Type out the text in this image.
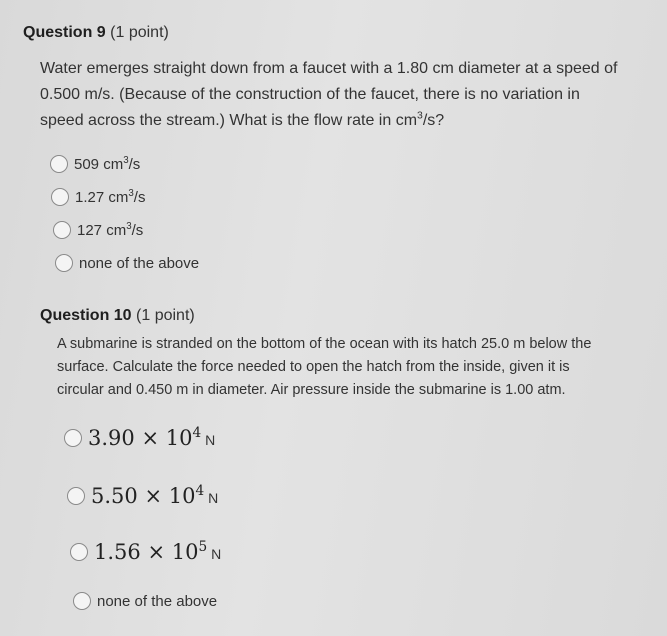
Question 9 (1 point)
Water emerges straight down from a faucet with a 1.80 cm diameter at a speed of
0.500 m/s. (Because of the construction of the faucet, there is no variation in
speed across the stream.) What is the flow rate in $cm^3/s$?
509 $cm^3/s$
1.27 $cm^3/s$
127 $cm^3/s$
none of the above
Question 10 (1 point)
A submarine is stranded on the bottom of the ocean with its hatch 25.0 m below the
surface. Calculate the force needed to open the hatch from the inside, given it is
circular and 0.450 m in diameter. Air pressure inside the submarine is 1.00 atm.
$3.90 \times 10^4$ N
$5.50 \times 10^4$ N
$1.56 \times 10^5$ N
none of the above
